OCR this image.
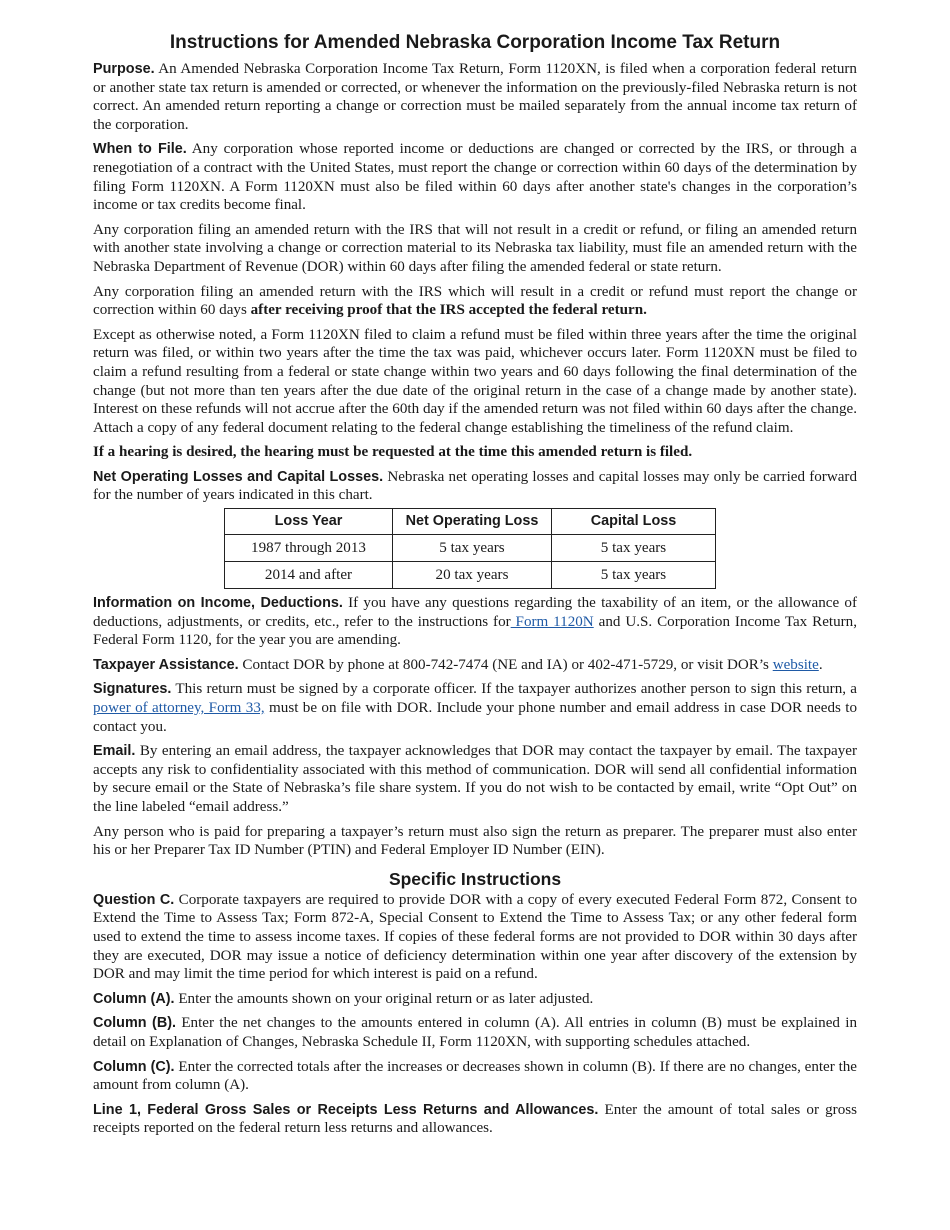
Instructions for Amended Nebraska Corporation Income Tax Return

Purpose. An Amended Nebraska Corporation Income Tax Return, Form 1120XN, is filed when a corporation federal return or another state tax return is amended or corrected, or whenever the information on the previously-filed Nebraska return is not correct. An amended return reporting a change or correction must be mailed separately from the annual income tax return of the corporation.

When to File. Any corporation whose reported income or deductions are changed or corrected by the IRS, or through a renegotiation of a contract with the United States, must report the change or correction within 60 days of the determination by filing Form 1120XN. A Form 1120XN must also be filed within 60 days after another state's changes in the corporation’s income or tax credits become final.

Any corporation filing an amended return with the IRS that will not result in a credit or refund, or filing an amended return with another state involving a change or correction material to its Nebraska tax liability, must file an amended return with the Nebraska Department of Revenue (DOR) within 60 days after filing the amended federal or state return.

Any corporation filing an amended return with the IRS which will result in a credit or refund must report the change or correction within 60 days after receiving proof that the IRS accepted the federal return.

Except as otherwise noted, a Form 1120XN filed to claim a refund must be filed within three years after the time the original return was filed, or within two years after the time the tax was paid, whichever occurs later. Form 1120XN must be filed to claim a refund resulting from a federal or state change within two years and 60 days following the final determination of the change (but not more than ten years after the due date of the original return in the case of a change made by another state). Interest on these refunds will not accrue after the 60th day if the amended return was not filed within 60 days after the change. Attach a copy of any federal document relating to the federal change establishing the timeliness of the refund claim.

If a hearing is desired, the hearing must be requested at the time this amended return is filed.

Net Operating Losses and Capital Losses. Nebraska net operating losses and capital losses may only be carried forward for the number of years indicated in this chart.

Loss Year	Net Operating Loss	Capital Loss
1987 through 2013	5 tax years	5 tax years
2014 and after	20 tax years	5 tax years

Information on Income, Deductions. If you have any questions regarding the taxability of an item, or the allowance of deductions, adjustments, or credits, etc., refer to the instructions for Form 1120N and U.S. Corporation Income Tax Return, Federal Form 1120, for the year you are amending.

Taxpayer Assistance. Contact DOR by phone at 800-742-7474 (NE and IA) or 402-471-5729, or visit DOR’s website.

Signatures. This return must be signed by a corporate officer. If the taxpayer authorizes another person to sign this return, a power of attorney, Form 33, must be on file with DOR. Include your phone number and email address in case DOR needs to contact you.

Email. By entering an email address, the taxpayer acknowledges that DOR may contact the taxpayer by email. The taxpayer accepts any risk to confidentiality associated with this method of communication. DOR will send all confidential information by secure email or the State of Nebraska’s file share system. If you do not wish to be contacted by email, write “Opt Out” on the line labeled “email address.”

Any person who is paid for preparing a taxpayer’s return must also sign the return as preparer. The preparer must also enter his or her Preparer Tax ID Number (PTIN) and Federal Employer ID Number (EIN).

Specific Instructions

Question C. Corporate taxpayers are required to provide DOR with a copy of every executed Federal Form 872, Consent to Extend the Time to Assess Tax; Form 872-A, Special Consent to Extend the Time to Assess Tax; or any other federal form used to extend the time to assess income taxes. If copies of these federal forms are not provided to DOR within 30 days after they are executed, DOR may issue a notice of deficiency determination within one year after discovery of the extension by DOR and may limit the time period for which interest is paid on a refund.

Column (A). Enter the amounts shown on your original return or as later adjusted.

Column (B). Enter the net changes to the amounts entered in column (A). All entries in column (B) must be explained in detail on Explanation of Changes, Nebraska Schedule II, Form 1120XN, with supporting schedules attached.

Column (C). Enter the corrected totals after the increases or decreases shown in column (B). If there are no changes, enter the amount from column (A).

Line 1, Federal Gross Sales or Receipts Less Returns and Allowances. Enter the amount of total sales or gross receipts reported on the federal return less returns and allowances.
